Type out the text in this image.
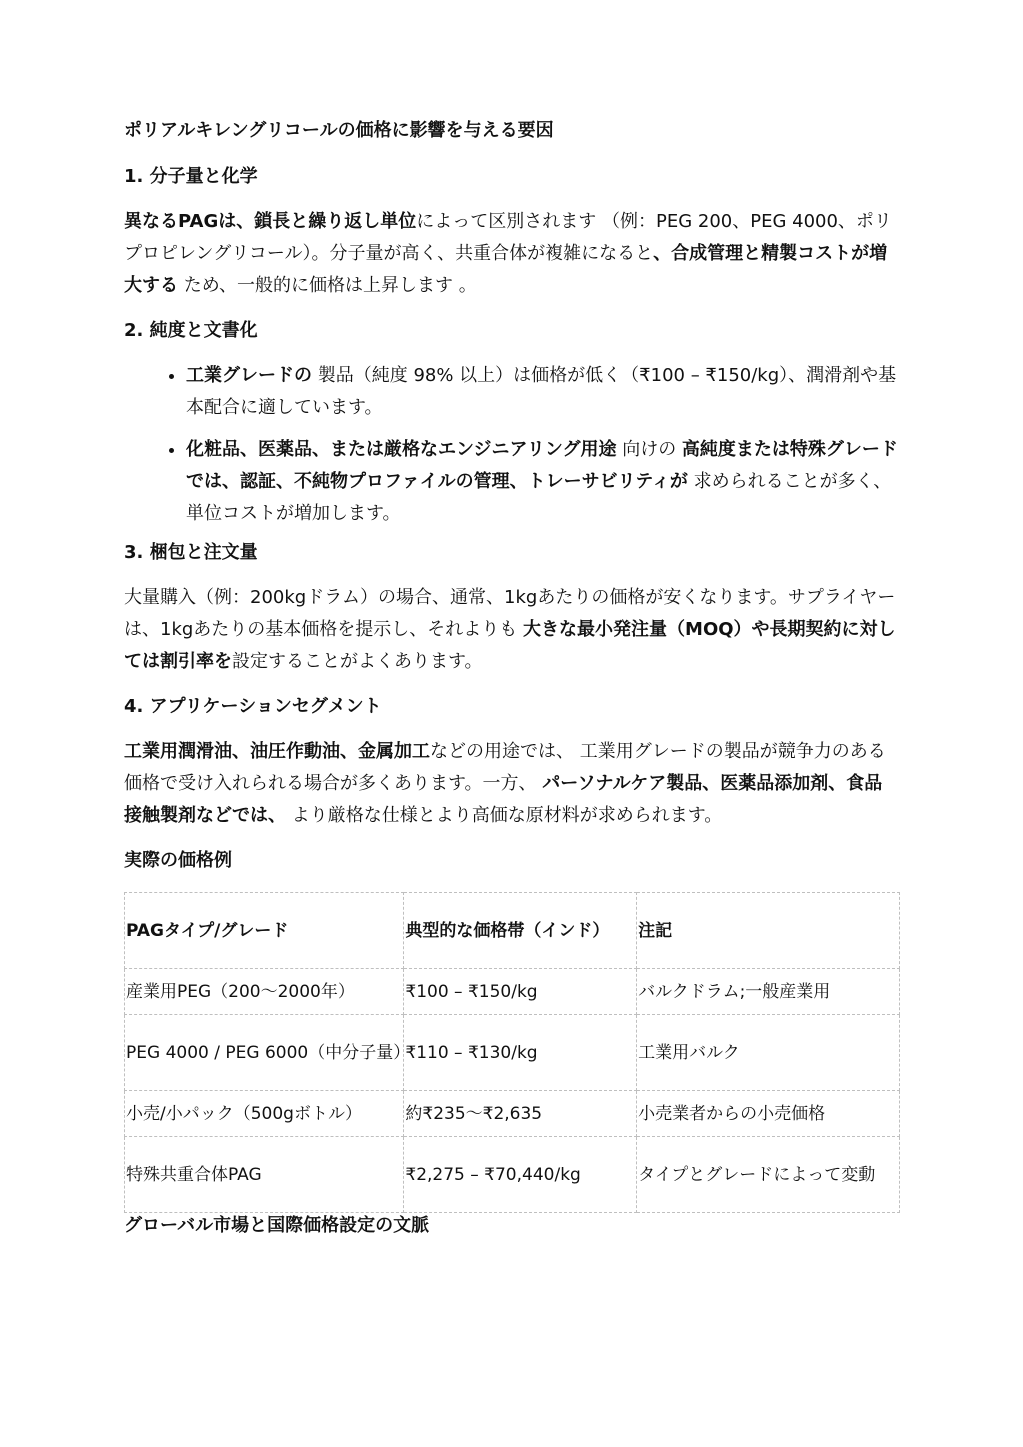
ポリアルキレングリコールの価格に影響を与える要因

1. 分子量と化学

異なるPAGは、鎖長と繰り返し単位によって区別されます （例：PEG 200、PEG 4000、ポリプロピレングリコール）。分子量が高く、共重合体が複雑になると、合成管理と精製コストが増大する ため、一般的に価格は上昇します 。

2. 純度と文書化

• 工業グレードの 製品（純度 98% 以上）は価格が低く（₹100 – ₹150/kg）、潤滑剤や基本配合に適しています。
• 化粧品、医薬品、または厳格なエンジニアリング用途 向けの 高純度または特殊グレードでは、認証、不純物プロファイルの管理、トレーサビリティが 求められることが多く、単位コストが増加します。

3. 梱包と注文量

大量購入（例：200kgドラム）の場合、通常、1kgあたりの価格が安くなります。サプライヤーは、1kgあたりの基本価格を提示し、それよりも 大きな最小発注量（MOQ）や長期契約に対しては割引率を設定することがよくあります。

4. アプリケーションセグメント

工業用潤滑油、油圧作動油、金属加工などの用途では、 工業用グレードの製品が競争力のある価格で受け入れられる場合が多くあります。一方、 パーソナルケア製品、医薬品添加剤、食品接触製剤などでは、 より厳格な仕様とより高価な原材料が求められます。

実際の価格例

PAGタイプ/グレード	典型的な価格帯（インド）	注記
産業用PEG（200〜2000年）	₹100 – ₹150/kg	バルクドラム;一般産業用
PEG 4000 / PEG 6000（中分子量）	₹110 – ₹130/kg	工業用バルク
小売/小パック（500gボトル）	約₹235〜₹2,635	小売業者からの小売価格
特殊共重合体PAG	₹2,275 – ₹70,440/kg	タイプとグレードによって変動

グローバル市場と国際価格設定の文脈
